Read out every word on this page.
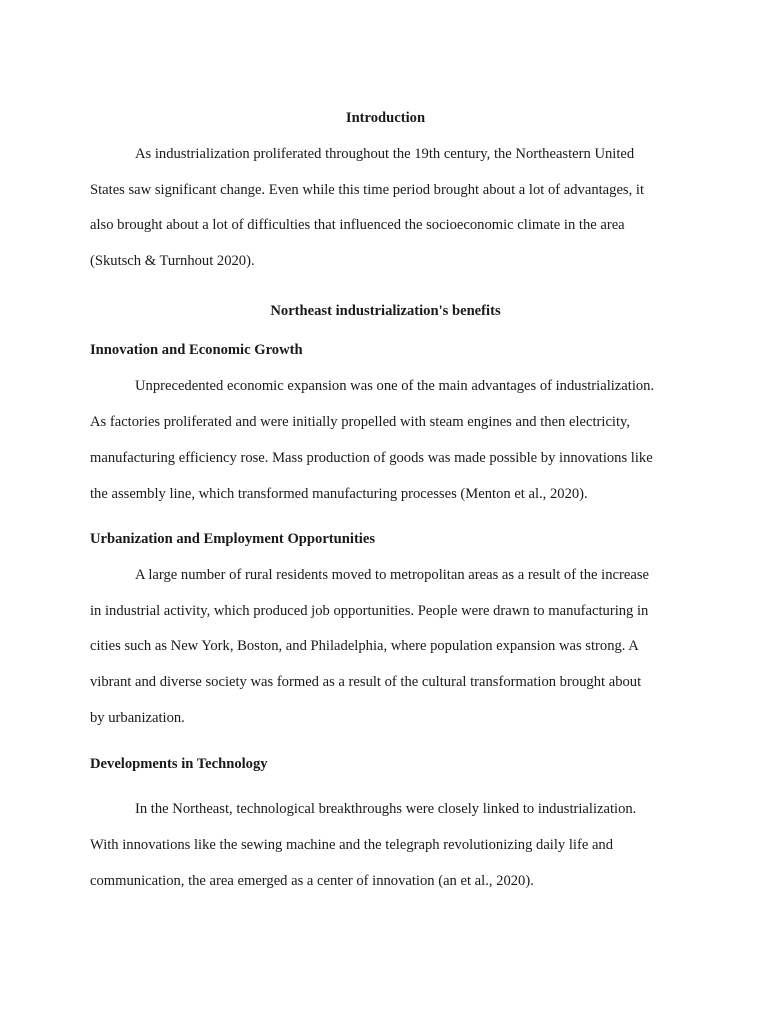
Introduction
As industrialization proliferated throughout the 19th century, the Northeastern United
States saw significant change. Even while this time period brought about a lot of advantages, it
also brought about a lot of difficulties that influenced the socioeconomic climate in the area
(Skutsch & Turnhout 2020).
Northeast industrialization's benefits
Innovation and Economic Growth
Unprecedented economic expansion was one of the main advantages of industrialization.
As factories proliferated and were initially propelled with steam engines and then electricity,
manufacturing efficiency rose. Mass production of goods was made possible by innovations like
the assembly line, which transformed manufacturing processes (Menton et al., 2020).
Urbanization and Employment Opportunities
A large number of rural residents moved to metropolitan areas as a result of the increase
in industrial activity, which produced job opportunities. People were drawn to manufacturing in
cities such as New York, Boston, and Philadelphia, where population expansion was strong. A
vibrant and diverse society was formed as a result of the cultural transformation brought about
by urbanization.
Developments in Technology
In the Northeast, technological breakthroughs were closely linked to industrialization.
With innovations like the sewing machine and the telegraph revolutionizing daily life and
communication, the area emerged as a center of innovation (an et al., 2020).
